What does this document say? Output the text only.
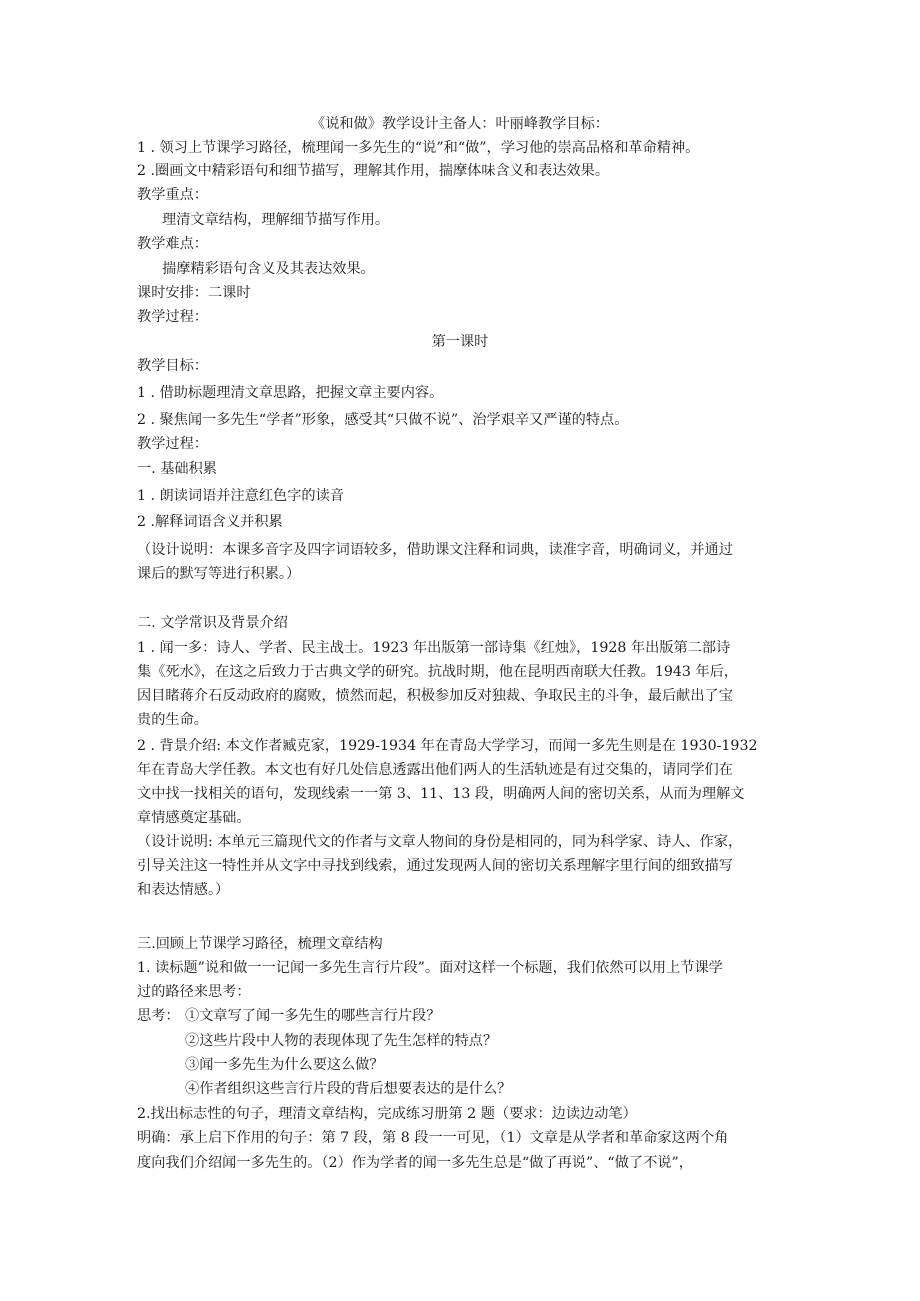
《说和做》教学设计主备人：叶丽峰教学目标：
1 . 领习上节课学习路径，梳理闻一多先生的“说”和“做”，学习他的崇高品格和革命精神。
2 .圈画文中精彩语句和细节描写，理解其作用，揣摩体味含义和表达效果。
教学重点：
理清文章结构，理解细节描写作用。
教学难点：
揣摩精彩语句含义及其表达效果。
课时安排：二课时
教学过程：
第一课时
教学目标：
1 . 借助标题理清文章思路，把握文章主要内容。
2 . 聚焦闻一多先生“学者”形象，感受其“只做不说”、治学艰辛又严谨的特点。
教学过程：
一. 基础积累
1 . 朗读词语并注意红色字的读音
2 .解释词语含义并积累
（设计说明：本课多音字及四字词语较多，借助课文注释和词典，读准字音，明确词义，并通过
课后的默写等进行积累。）
二. 文学常识及背景介绍
1 . 闻一多：诗人、学者、民主战士。1923 年出版第一部诗集《红烛》，1928 年出版第二部诗
集《死水》，在这之后致力于古典文学的研究。抗战时期，他在昆明西南联大任教。1943 年后，
因目睹蒋介石反动政府的腐败，愤然而起，积极参加反对独裁、争取民主的斗争，最后献出了宝
贵的生命。
2 . 背景介绍: 本文作者臧克家，1929-1934 年在青岛大学学习，而闻一多先生则是在 1930-1932
年在青岛大学任教。本文也有好几处信息透露出他们两人的生活轨迹是有过交集的，请同学们在
文中找一找相关的语句，发现线索一一第 3、11、13 段，明确两人间的密切关系，从而为理解文
章情感奠定基础。
（设计说明: 本单元三篇现代文的作者与文章人物间的身份是相同的，同为科学家、诗人、作家，
引导关注这一特性并从文字中寻找到线索，通过发现两人间的密切关系理解字里行间的细致描写
和表达情感。）
三.回顾上节课学习路径，梳理文章结构
1. 读标题”说和做一一记闻一多先生言行片段”。面对这样一个标题，我们依然可以用上节课学
过的路径来思考：
思考： ①文章写了闻一多先生的哪些言行片段？
②这些片段中人物的表现体现了先生怎样的特点？
③闻一多先生为什么要这么做？
④作者组织这些言行片段的背后想要表达的是什么？
2.找出标志性的句子，理清文章结构，完成练习册第 2 题（要求：边读边动笔）
明确：承上启下作用的句子：第 7 段，第 8 段一一可见，（1）文章是从学者和革命家这两个角
度向我们介绍闻一多先生的。（2）作为学者的闻一多先生总是“做了再说”、“做了不说”，
